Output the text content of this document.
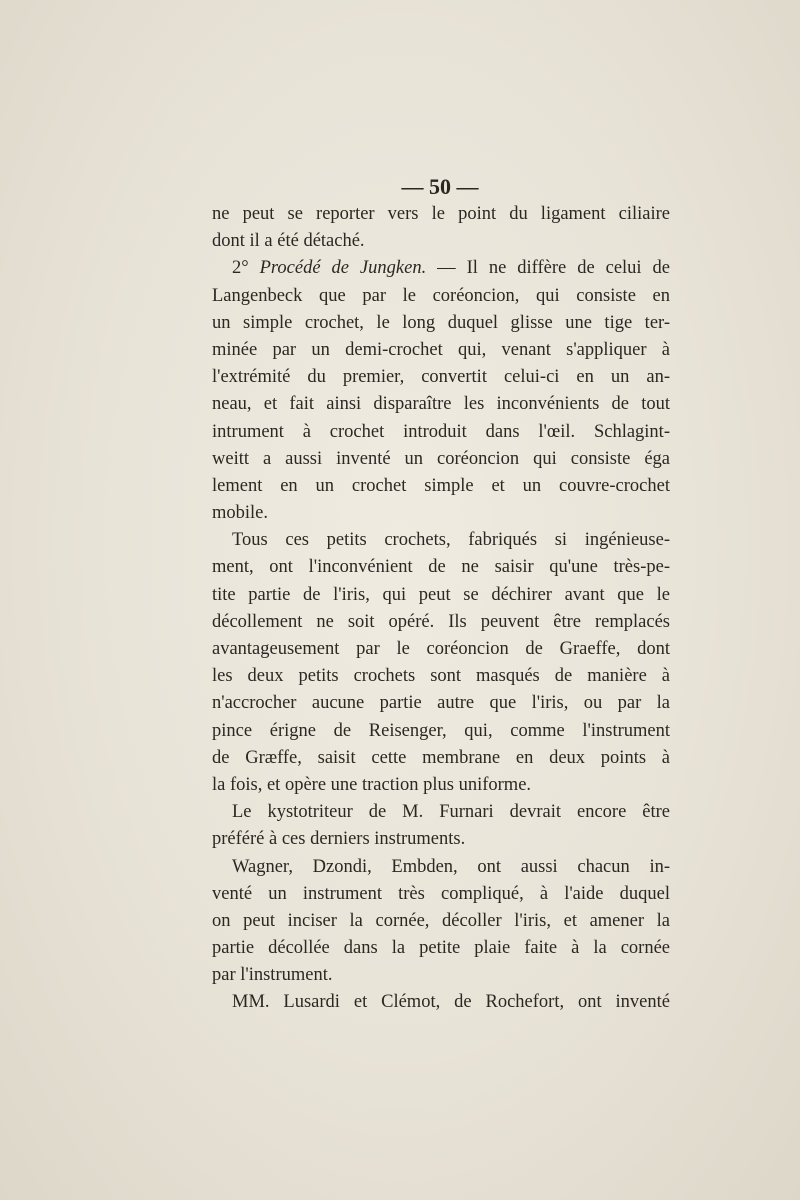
— 50 —
ne peut se reporter vers le point du ligament ciliaire
dont il a été détaché.
2° Procédé de Jungken. — Il ne diffère de celui de
Langenbeck que par le coréoncion, qui consiste en
un simple crochet, le long duquel glisse une tige ter-
minée par un demi-crochet qui, venant s'appliquer à
l'extrémité du premier, convertit celui-ci en un an-
neau, et fait ainsi disparaître les inconvénients de tout
intrument à crochet introduit dans l'œil. Schlagint-
weitt a aussi inventé un coréoncion qui consiste éga
lement en un crochet simple et un couvre-crochet
mobile.
Tous ces petits crochets, fabriqués si ingénieuse-
ment, ont l'inconvénient de ne saisir qu'une très-pe-
tite partie de l'iris, qui peut se déchirer avant que le
décollement ne soit opéré. Ils peuvent être remplacés
avantageusement par le coréoncion de Graeffe, dont
les deux petits crochets sont masqués de manière à
n'accrocher aucune partie autre que l'iris, ou par la
pince érigne de Reisenger, qui, comme l'instrument
de Græffe, saisit cette membrane en deux points à
la fois, et opère une traction plus uniforme.
Le kystotriteur de M. Furnari devrait encore être
préféré à ces derniers instruments.
Wagner, Dzondi, Embden, ont aussi chacun in-
venté un instrument très compliqué, à l'aide duquel
on peut inciser la cornée, décoller l'iris, et amener la
partie décollée dans la petite plaie faite à la cornée
par l'instrument.
MM. Lusardi et Clémot, de Rochefort, ont inventé
